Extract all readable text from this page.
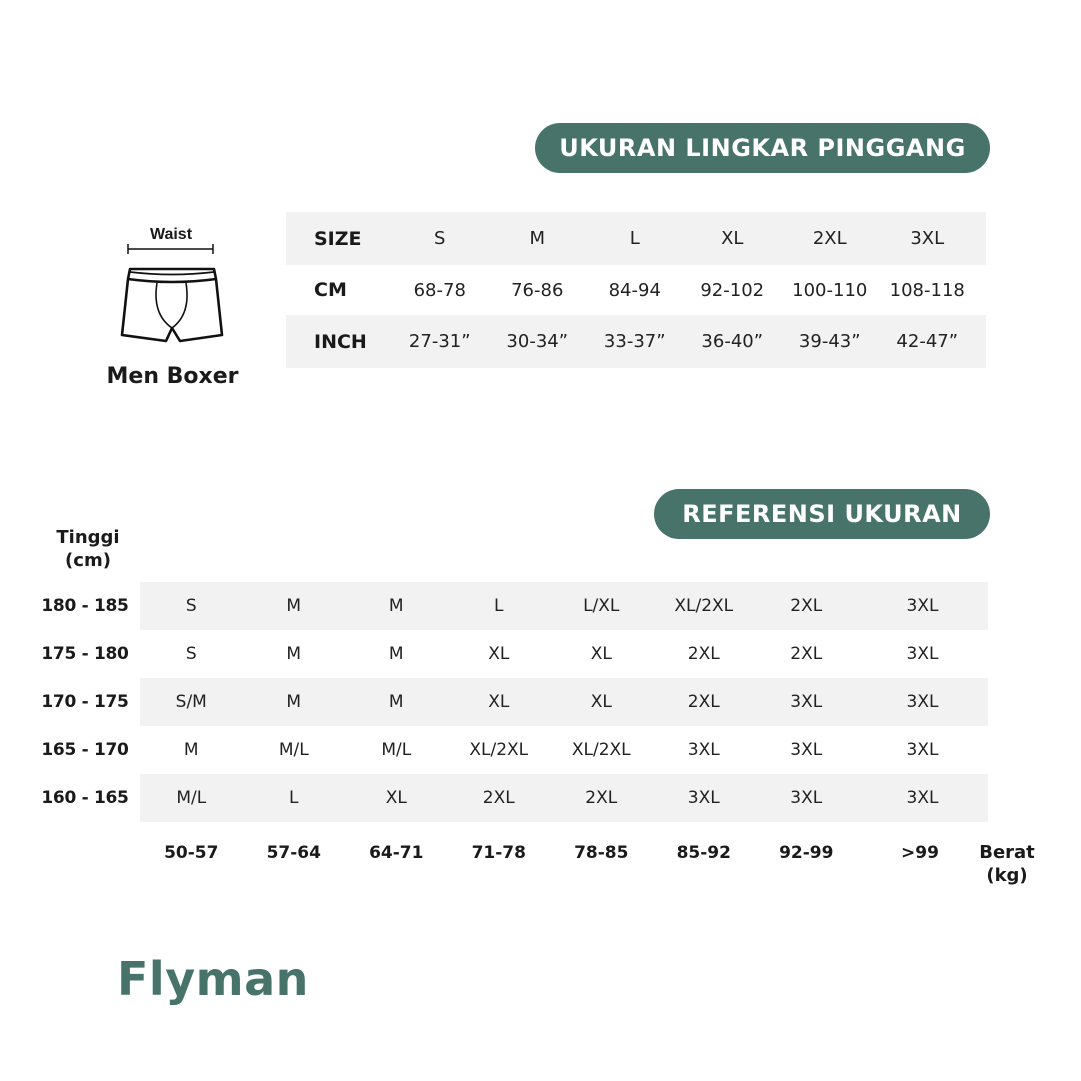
UKURAN LINGKAR PINGGANG
Waist
Men Boxer
SIZE	S	M	L	XL	2XL	3XL
CM	68-78	76-86	84-94	92-102	100-110	108-118
INCH	27-31”	30-34”	33-37”	36-40”	39-43”	42-47”
REFERENSI UKURAN
Tinggi
(cm)
180 - 185	S	M	M	L	L/XL	XL/2XL	2XL	3XL
175 - 180	S	M	M	XL	XL	2XL	2XL	3XL
170 - 175	S/M	M	M	XL	XL	2XL	3XL	3XL
165 - 170	M	M/L	M/L	XL/2XL	XL/2XL	3XL	3XL	3XL
160 - 165	M/L	L	XL	2XL	2XL	3XL	3XL	3XL
50-57	57-64	64-71	71-78	78-85	85-92	92-99	>99	Berat
(kg)
Flyman
